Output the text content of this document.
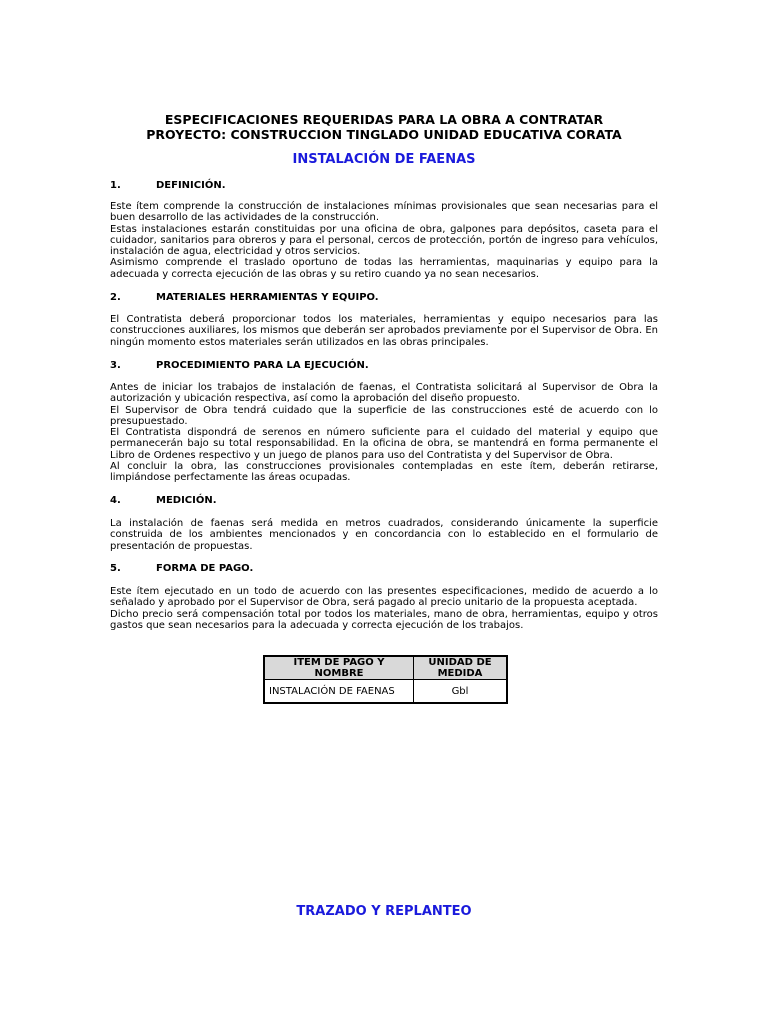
ESPECIFICACIONES REQUERIDAS PARA LA OBRA A CONTRATAR
PROYECTO: CONSTRUCCION TINGLADO UNIDAD EDUCATIVA CORATA
INSTALACIÓN DE FAENAS
1.	DEFINICIÓN.

Este ítem comprende la construcción de instalaciones mínimas provisionales que sean necesarias para el buen desarrollo de las actividades de la construcción.

Estas instalaciones estarán constituidas por una oficina de obra, galpones para depósitos, caseta para el cuidador, sanitarios para obreros y para el personal, cercos de protección, portón de ingreso para vehículos, instalación de agua, electricidad y otros servicios.

Asimismo comprende el traslado oportuno de todas las herramientas, maquinarias y equipo para la adecuada y correcta ejecución de las obras y su retiro cuando ya no sean necesarios.

2.	MATERIALES HERRAMIENTAS Y EQUIPO.

El Contratista deberá proporcionar todos los materiales, herramientas y equipo necesarios para las construcciones auxiliares, los mismos que deberán ser aprobados previamente por el Supervisor de Obra. En ningún momento estos materiales serán utilizados en las obras principales.

3.	PROCEDIMIENTO PARA LA EJECUCIÓN.

Antes de iniciar los trabajos de instalación de faenas, el Contratista solicitará al Supervisor de Obra la autorización y ubicación respectiva, así como la aprobación del diseño propuesto.

El Supervisor de Obra tendrá cuidado que la superficie de las construcciones esté de acuerdo con lo presupuestado.

El Contratista dispondrá de serenos en número suficiente para el cuidado del material y equipo que permanecerán bajo su total responsabilidad. En la oficina de obra, se mantendrá en forma permanente el Libro de Ordenes respectivo y un juego de planos para uso del Contratista y del Supervisor de Obra.

Al concluir la obra, las construcciones provisionales contempladas en este ítem, deberán retirarse, limpiándose perfectamente las áreas ocupadas.

4.	MEDICIÓN.

La instalación de faenas será medida en metros cuadrados, considerando únicamente la superficie construida de los ambientes mencionados y en concordancia con lo establecido en el formulario de presentación de propuestas.

5.	FORMA DE PAGO.

Este ítem ejecutado en un todo de acuerdo con las presentes especificaciones, medido de acuerdo a lo señalado y aprobado por el Supervisor de Obra, será pagado al precio unitario de la propuesta aceptada.

Dicho precio será compensación total por todos los materiales, mano de obra, herramientas, equipo y otros gastos que sean necesarios para la adecuada y correcta ejecución de los trabajos.

ITEM DE PAGO Y NOMBRE	UNIDAD DE MEDIDA
INSTALACIÓN DE FAENAS	Gbl
TRAZADO Y REPLANTEO
